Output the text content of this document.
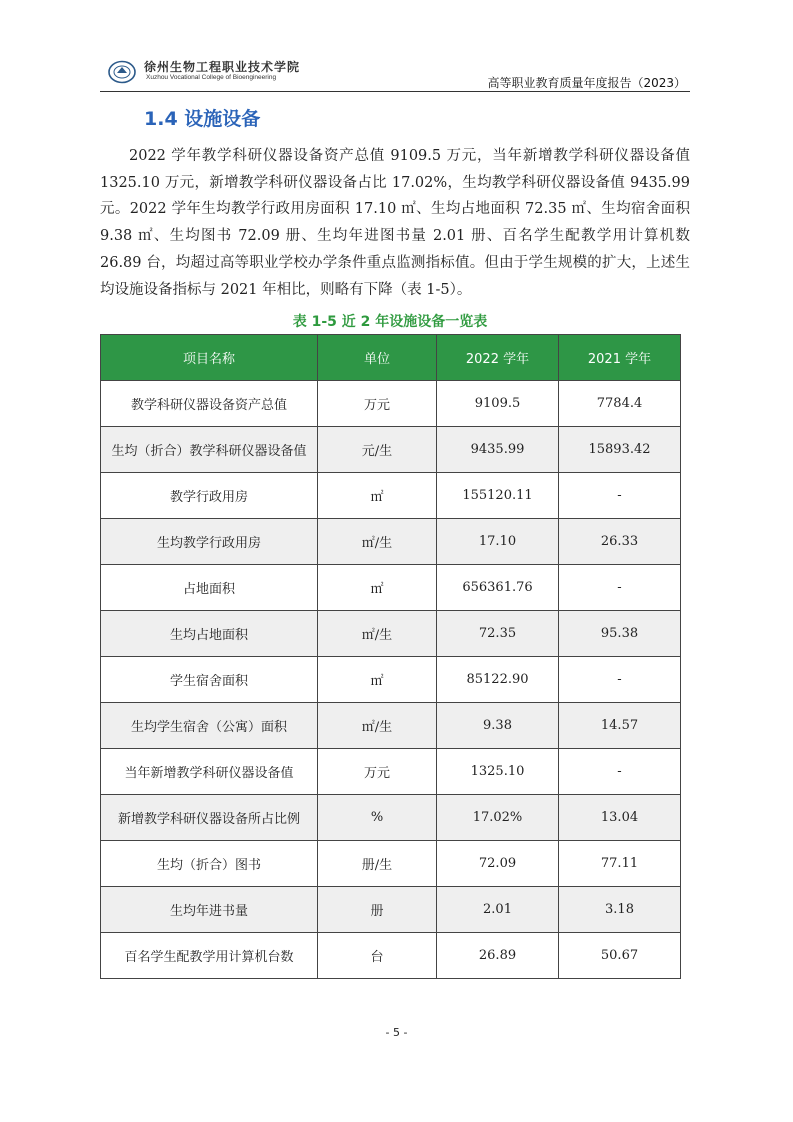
徐州生物工程职业技术学院
Xuzhou Vocational College of Bioengineering	高等职业教育质量年度报告（2023）
1.4 设施设备

2022 学年教学科研仪器设备资产总值 9109.5 万元，当年新增教学科研仪器设备值 1325.10 万元，新增教学科研仪器设备占比 17.02%，生均教学科研仪器设备值 9435.99 元。2022 学年生均教学行政用房面积 17.10 ㎡、生均占地面积 72.35 ㎡、生均宿舍面积 9.38 ㎡、生均图书 72.09 册、生均年进图书量 2.01 册、百名学生配教学用计算机数 26.89 台，均超过高等职业学校办学条件重点监测指标值。但由于学生规模的扩大，上述生均设施设备指标与 2021 年相比，则略有下降（表 1-5）。

表 1-5 近 2 年设施设备一览表
项目名称	单位	2022 学年	2021 学年
教学科研仪器设备资产总值	万元	9109.5	7784.4
生均（折合）教学科研仪器设备值	元/生	9435.99	15893.42
教学行政用房	㎡	155120.11	-
生均教学行政用房	㎡/生	17.10	26.33
占地面积	㎡	656361.76	-
生均占地面积	㎡/生	72.35	95.38
学生宿舍面积	㎡	85122.90	-
生均学生宿舍（公寓）面积	㎡/生	9.38	14.57
当年新增教学科研仪器设备值	万元	1325.10	-
新增教学科研仪器设备所占比例	%	17.02%	13.04
生均（折合）图书	册/生	72.09	77.11
生均年进书量	册	2.01	3.18
百名学生配教学用计算机台数	台	26.89	50.67
- 5 -
